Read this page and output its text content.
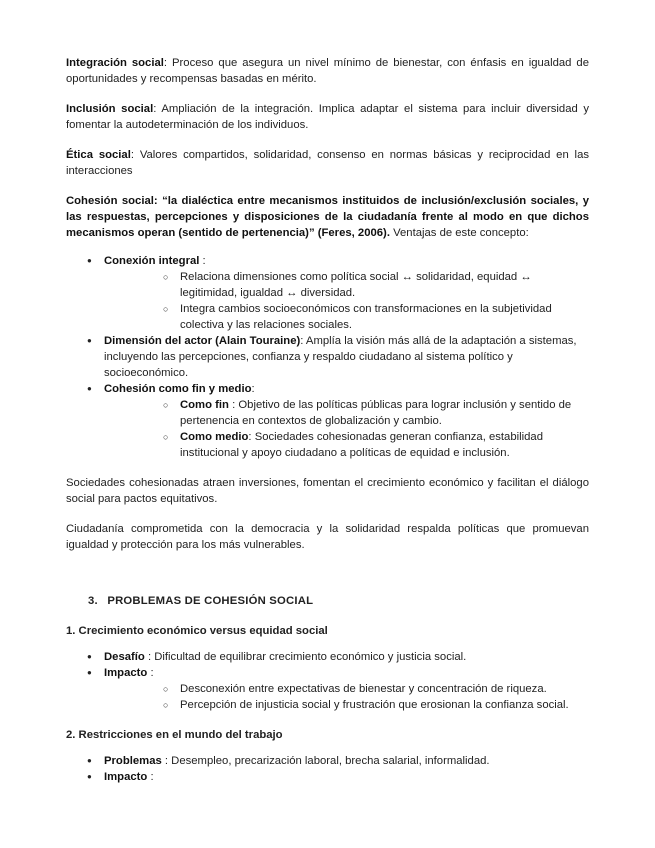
Integración social: Proceso que asegura un nivel mínimo de bienestar, con énfasis en igualdad de oportunidades y recompensas basadas en mérito.

Inclusión social: Ampliación de la integración. Implica adaptar el sistema para incluir diversidad y fomentar la autodeterminación de los individuos.

Ética social: Valores compartidos, solidaridad, consenso en normas básicas y reciprocidad en las interacciones

Cohesión social: “la dialéctica entre mecanismos instituidos de inclusión/exclusión sociales, y las respuestas, percepciones y disposiciones de la ciudadanía frente al modo en que dichos mecanismos operan (sentido de pertenencia)” (Feres, 2006). Ventajas de este concepto:

● Conexión integral :
○ Relaciona dimensiones como política social ↔ solidaridad, equidad ↔ legitimidad, igualdad ↔ diversidad.
○ Integra cambios socioeconómicos con transformaciones en la subjetividad colectiva y las relaciones sociales.
● Dimensión del actor (Alain Touraine): Amplía la visión más allá de la adaptación a sistemas, incluyendo las percepciones, confianza y respaldo ciudadano al sistema político y socioeconómico.
● Cohesión como fin y medio:
○ Como fin : Objetivo de las políticas públicas para lograr inclusión y sentido de pertenencia en contextos de globalización y cambio.
○ Como medio: Sociedades cohesionadas generan confianza, estabilidad institucional y apoyo ciudadano a políticas de equidad e inclusión.

Sociedades cohesionadas atraen inversiones, fomentan el crecimiento económico y facilitan el diálogo social para pactos equitativos.

Ciudadanía comprometida con la democracia y la solidaridad respalda políticas que promuevan igualdad y protección para los más vulnerables.

3. PROBLEMAS DE COHESIÓN SOCIAL
1. Crecimiento económico versus equidad social
● Desafío : Dificultad de equilibrar crecimiento económico y justicia social.
● Impacto :
○ Desconexión entre expectativas de bienestar y concentración de riqueza.
○ Percepción de injusticia social y frustración que erosionan la confianza social.
2. Restricciones en el mundo del trabajo
● Problemas : Desempleo, precarización laboral, brecha salarial, informalidad.
● Impacto :
